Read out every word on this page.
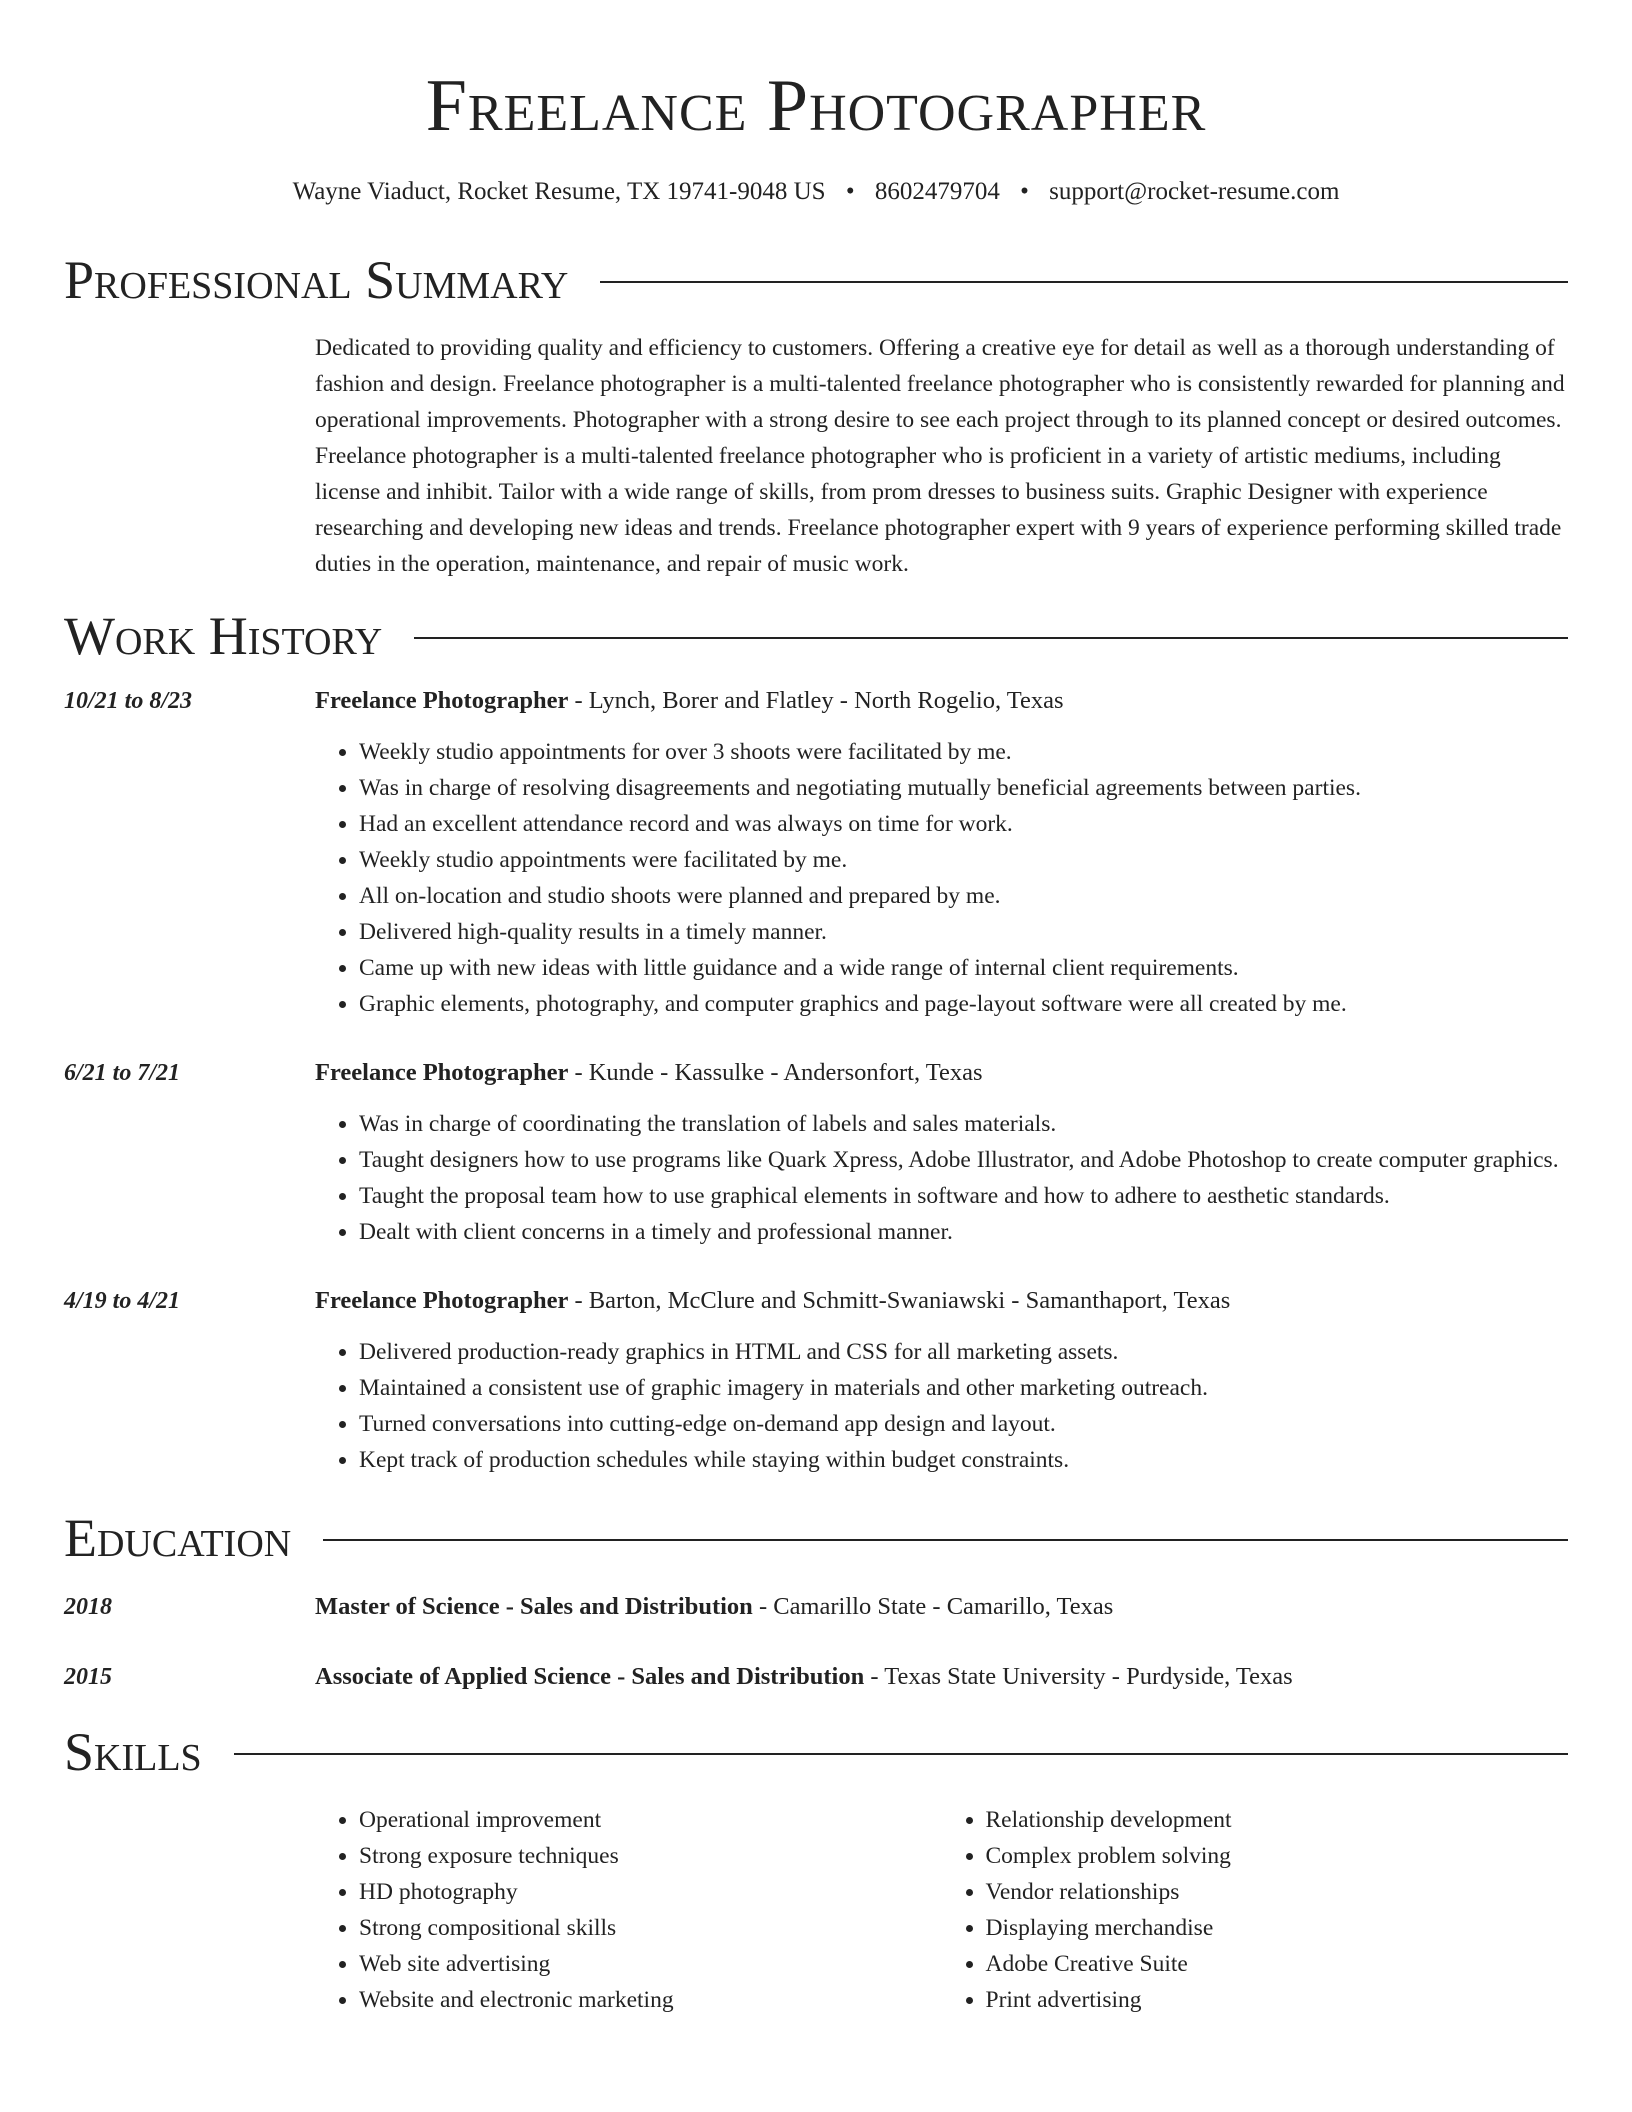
Freelance Photographer
Wayne Viaduct, Rocket Resume, TX 19741-9048 US • 8602479704 • support@rocket-resume.com
Professional Summary
Dedicated to providing quality and efficiency to customers. Offering a creative eye for detail as well as a thorough understanding of fashion and design. Freelance photographer is a multi-talented freelance photographer who is consistently rewarded for planning and operational improvements. Photographer with a strong desire to see each project through to its planned concept or desired outcomes. Freelance photographer is a multi-talented freelance photographer who is proficient in a variety of artistic mediums, including license and inhibit. Tailor with a wide range of skills, from prom dresses to business suits. Graphic Designer with experience researching and developing new ideas and trends. Freelance photographer expert with 9 years of experience performing skilled trade duties in the operation, maintenance, and repair of music work.
Work History
10/21 to 8/23	Freelance Photographer - Lynch, Borer and Flatley - North Rogelio, Texas
• Weekly studio appointments for over 3 shoots were facilitated by me.
• Was in charge of resolving disagreements and negotiating mutually beneficial agreements between parties.
• Had an excellent attendance record and was always on time for work.
• Weekly studio appointments were facilitated by me.
• All on-location and studio shoots were planned and prepared by me.
• Delivered high-quality results in a timely manner.
• Came up with new ideas with little guidance and a wide range of internal client requirements.
• Graphic elements, photography, and computer graphics and page-layout software were all created by me.
6/21 to 7/21	Freelance Photographer - Kunde - Kassulke - Andersonfort, Texas
• Was in charge of coordinating the translation of labels and sales materials.
• Taught designers how to use programs like Quark Xpress, Adobe Illustrator, and Adobe Photoshop to create computer graphics.
• Taught the proposal team how to use graphical elements in software and how to adhere to aesthetic standards.
• Dealt with client concerns in a timely and professional manner.
4/19 to 4/21	Freelance Photographer - Barton, McClure and Schmitt-Swaniawski - Samanthaport, Texas
• Delivered production-ready graphics in HTML and CSS for all marketing assets.
• Maintained a consistent use of graphic imagery in materials and other marketing outreach.
• Turned conversations into cutting-edge on-demand app design and layout.
• Kept track of production schedules while staying within budget constraints.
Education
2018	Master of Science - Sales and Distribution - Camarillo State - Camarillo, Texas
2015	Associate of Applied Science - Sales and Distribution - Texas State University - Purdyside, Texas
Skills
• Operational improvement
• Strong exposure techniques
• HD photography
• Strong compositional skills
• Web site advertising
• Website and electronic marketing
• Relationship development
• Complex problem solving
• Vendor relationships
• Displaying merchandise
• Adobe Creative Suite
• Print advertising
